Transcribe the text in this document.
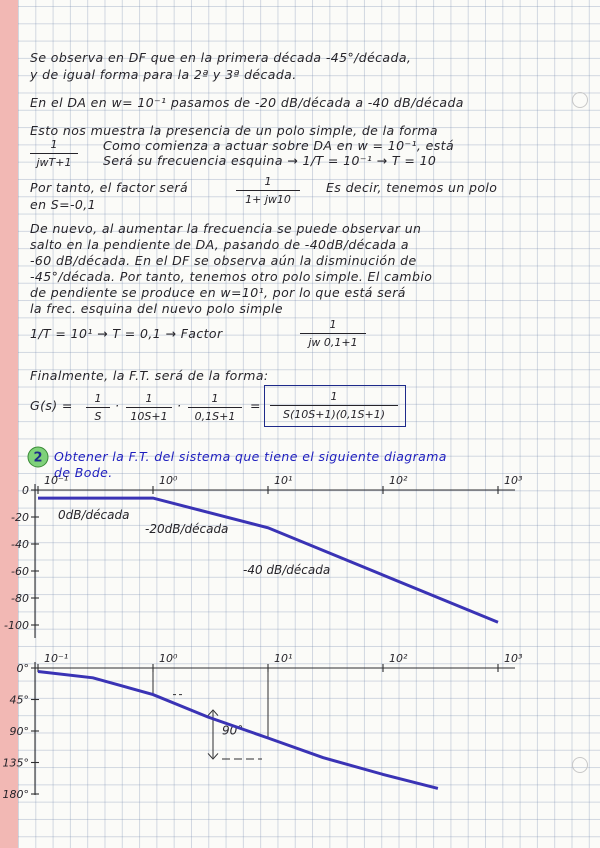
Se observa en DF que en la primera década -45°/década,
y de igual forma para la 2ª y 3ª década.
En el DA en w= 10⁻¹ pasamos de -20 dB/década a -40 dB/década
Esto nos muestra la presencia de un polo simple, de la forma
1
jwT+1
Como comienza a actuar sobre DA en w = 10⁻¹, está
Será su frecuencia esquina → 1/T = 10⁻¹ → T = 10
Por tanto, el factor será	1
1+ jw10
Es decir, tenemos un polo
en S=-0,1
De nuevo, al aumentar la frecuencia se puede observar un
salto en la pendiente de DA, pasando de -40dB/década a
-60 dB/década. En el DF se observa aún la disminución de
-45°/década. Por tanto, tenemos otro polo simple. El cambio
de pendiente se produce en w=10¹, por lo que está será
la frec. esquina del nuevo polo simple
1/T = 10¹ → T = 0,1 → Factor
1
jw 0,1+1
Finalmente, la F.T. será de la forma:
G(s) = 1
S
· 1
10S+1
·	1
0,1S+1
=
1
S(10S+1)(0,1S+1)
2 Obtener la F.T. del sistema que tiene el siguiente diagrama
de Bode.
10⁻¹	10⁰	10¹	10²	10³
0
-20
-40
-60
-80
-100
0dB/década
-20dB/década
-40 dB/década
10⁻¹	10⁰	10¹	10²	10³
0°
45°
90°
135°
180°
90°
